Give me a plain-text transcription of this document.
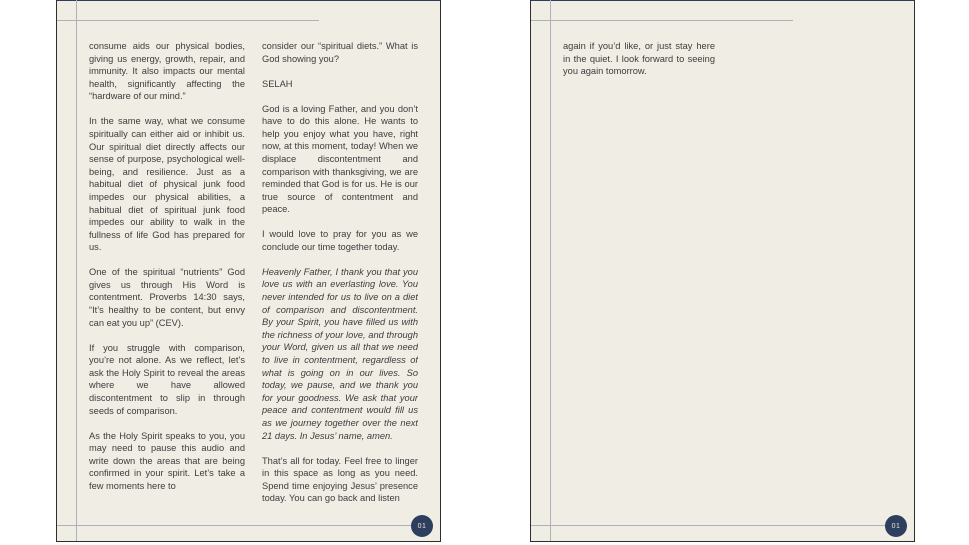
01

consume aids our physical bodies, giving us energy, growth, repair, and immunity. It also impacts our mental health, significantly affecting the “hardware of our mind.”

In the same way, what we consume spiritually can either aid or inhibit us. Our spiritual diet directly affects our sense of purpose, psychological well-being, and resilience. Just as a habitual diet of physical junk food impedes our physical abilities, a habitual diet of spiritual junk food impedes our ability to walk in the fullness of life God has prepared for us.

One of the spiritual “nutrients” God gives us through His Word is contentment. Proverbs 14:30 says, “It’s healthy to be content, but envy can eat you up” (CEV).

If you struggle with comparison, you’re not alone. As we reflect, let’s ask the Holy Spirit to reveal the areas where we have allowed discontentment to slip in through seeds of comparison.

As the Holy Spirit speaks to you, you may need to pause this audio and write down the areas that are being confirmed in your spirit. Let’s take a few moments here to

consider our “spiritual diets.” What is God showing you?

SELAH

God is a loving Father, and you don’t have to do this alone. He wants to help you enjoy what you have, right now, at this moment, today! When we displace discontentment and comparison with thanksgiving, we are reminded that God is for us. He is our true source of contentment and peace.

I would love to pray for you as we conclude our time together today.

Heavenly Father, I thank you that you love us with an everlasting love. You never intended for us to live on a diet of comparison and discontentment. By your Spirit, you have filled us with the richness of your love, and through your Word, given us all that we need to live in contentment, regardless of what is going on in our lives. So today, we pause, and we thank you for your goodness. We ask that your peace and contentment would fill us as we journey together over the next 21 days. In Jesus’ name, amen.

That’s all for today. Feel free to linger in this space as long as you need. Spend time enjoying Jesus’ presence today. You can go back and listen

01

again if you’d like, or just stay here in the quiet. I look forward to seeing you again tomorrow.
